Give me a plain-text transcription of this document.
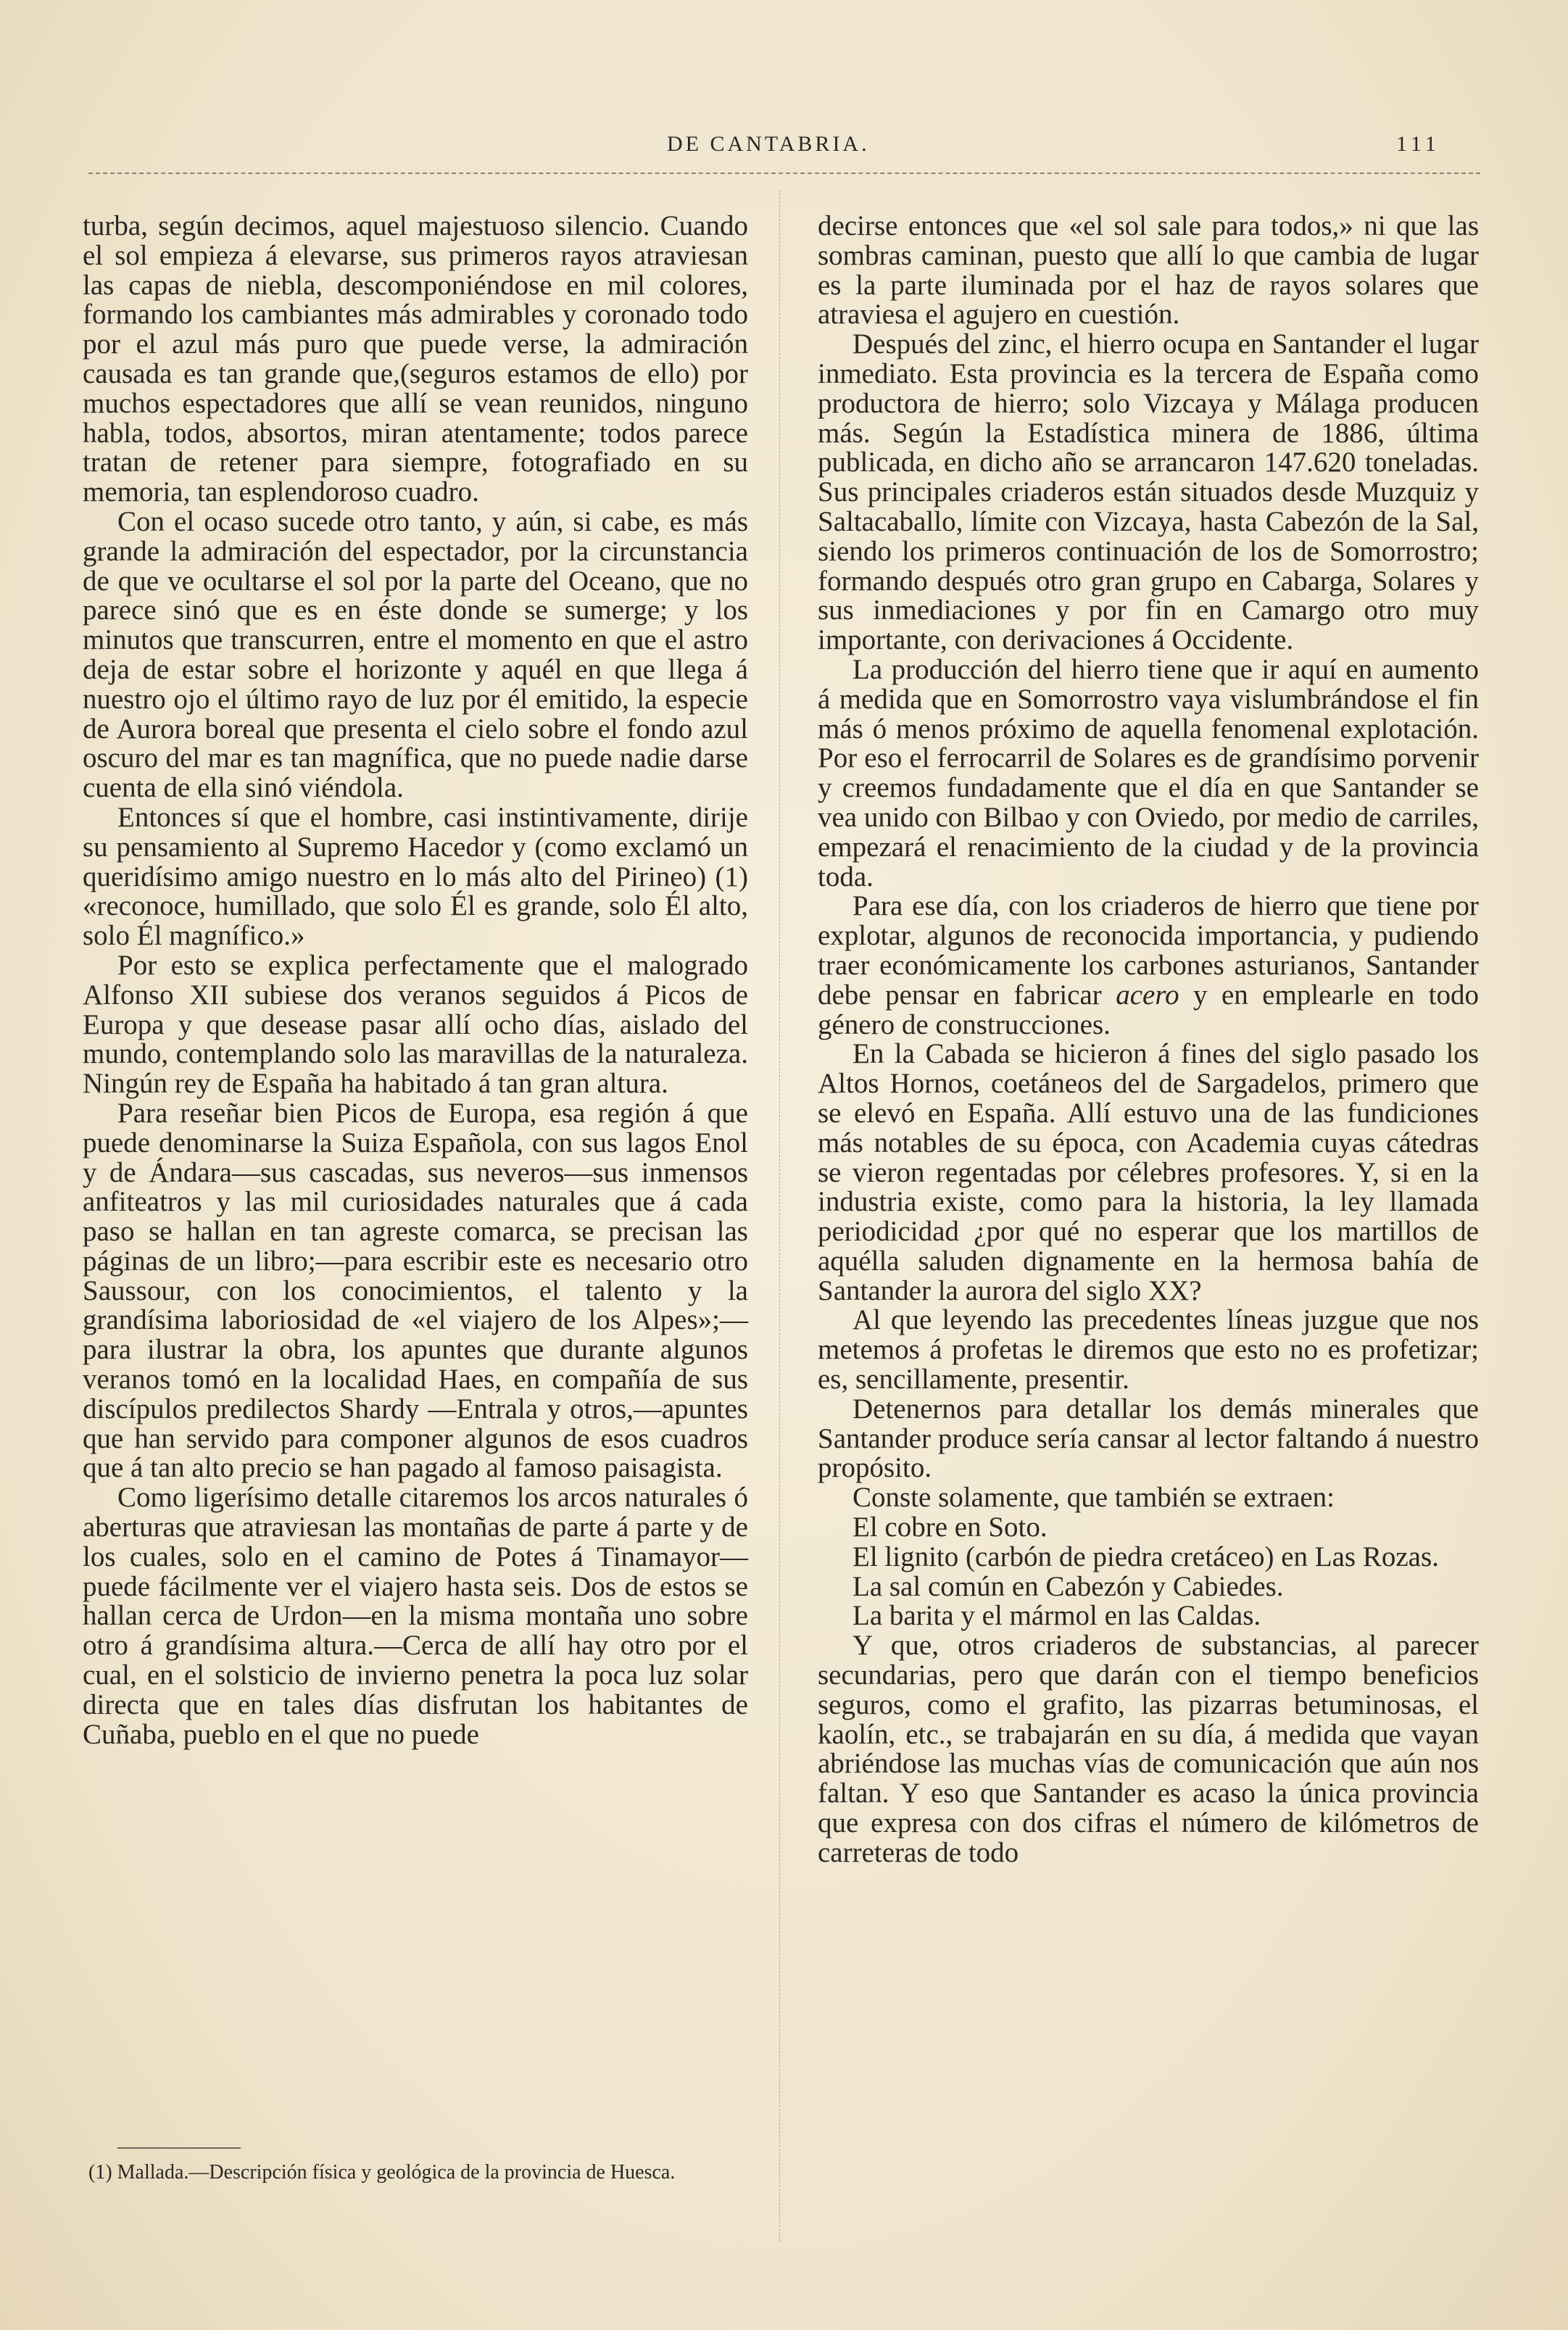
DE CANTABRIA.	111

turba, según decimos, aquel majestuoso silencio. Cuando el sol empieza á elevarse, sus primeros rayos atraviesan las capas de niebla, descomponiéndose en mil colores, formando los cambiantes más admirables y coronado todo por el azul más puro que puede verse, la admiración causada es tan grande que,(seguros estamos de ello) por muchos espectadores que allí se vean reunidos, ninguno habla, todos, absortos, miran atentamente; todos parece tratan de retener para siempre, fotografiado en su memoria, tan esplendoroso cuadro.

Con el ocaso sucede otro tanto, y aún, si cabe, es más grande la admiración del espectador, por la circunstancia de que ve ocultarse el sol por la parte del Oceano, que no parece sinó que es en éste donde se sumerge; y los minutos que transcurren, entre el momento en que el astro deja de estar sobre el horizonte y aquél en que llega á nuestro ojo el último rayo de luz por él emitido, la especie de Aurora boreal que presenta el cielo sobre el fondo azul oscuro del mar es tan magnífica, que no puede nadie darse cuenta de ella sinó viéndola.

Entonces sí que el hombre, casi instintivamente, dirije su pensamiento al Supremo Hacedor y (como exclamó un queridísimo amigo nuestro en lo más alto del Pirineo) (1) «reconoce, humillado, que solo Él es grande, solo Él alto, solo Él magnífico.»

Por esto se explica perfectamente que el malogrado Alfonso XII subiese dos veranos seguidos á Picos de Europa y que desease pasar allí ocho días, aislado del mundo, contemplando solo las maravillas de la naturaleza. Ningún rey de España ha habitado á tan gran altura.

Para reseñar bien Picos de Europa, esa región á que puede denominarse la Suiza Española, con sus lagos Enol y de Ándara—sus cascadas, sus neveros—sus inmensos anfiteatros y las mil curiosidades naturales que á cada paso se hallan en tan agreste comarca, se precisan las páginas de un libro;—para escribir este es necesario otro Saussour, con los conocimientos, el talento y la grandísima laboriosidad de «el viajero de los Alpes»;—para ilustrar la obra, los apuntes que durante algunos veranos tomó en la localidad Haes, en compañía de sus discípulos predilectos Shardy —Entrala y otros,—apuntes que han servido para componer algunos de esos cuadros que á tan alto precio se han pagado al famoso paisagista.

Como ligerísimo detalle citaremos los arcos naturales ó aberturas que atraviesan las montañas de parte á parte y de los cuales, solo en el camino de Potes á Tinamayor—puede fácilmente ver el viajero hasta seis. Dos de estos se hallan cerca de Urdon—en la misma montaña uno sobre otro á grandísima altura.—Cerca de allí hay otro por el cual, en el solsticio de invierno penetra la poca luz solar directa que en tales días disfrutan los habitantes de Cuñaba, pueblo en el que no puede

(1) Mallada.—Descripción física y geológica de la provincia de Huesca.

decirse entonces que «el sol sale para todos,» ni que las sombras caminan, puesto que allí lo que cambia de lugar es la parte iluminada por el haz de rayos solares que atraviesa el agujero en cuestión.

Después del zinc, el hierro ocupa en Santander el lugar inmediato. Esta provincia es la tercera de España como productora de hierro; solo Vizcaya y Málaga producen más. Según la Estadística minera de 1886, última publicada, en dicho año se arrancaron 147.620 toneladas. Sus principales criaderos están situados desde Muzquiz y Saltacaballo, límite con Vizcaya, hasta Cabezón de la Sal, siendo los primeros continuación de los de Somorrostro; formando después otro gran grupo en Cabarga, Solares y sus inmediaciones y por fin en Camargo otro muy importante, con derivaciones á Occidente.

La producción del hierro tiene que ir aquí en aumento á medida que en Somorrostro vaya vislumbrándose el fin más ó menos próximo de aquella fenomenal explotación. Por eso el ferrocarril de Solares es de grandísimo porvenir y creemos fundadamente que el día en que Santander se vea unido con Bilbao y con Oviedo, por medio de carriles, empezará el renacimiento de la ciudad y de la provincia toda.

Para ese día, con los criaderos de hierro que tiene por explotar, algunos de reconocida importancia, y pudiendo traer económicamente los carbones asturianos, Santander debe pensar en fabricar acero y en emplearle en todo género de construcciones.

En la Cabada se hicieron á fines del siglo pasado los Altos Hornos, coetáneos del de Sargadelos, primero que se elevó en España. Allí estuvo una de las fundiciones más notables de su época, con Academia cuyas cátedras se vieron regentadas por célebres profesores. Y, si en la industria existe, como para la historia, la ley llamada periodicidad ¿por qué no esperar que los martillos de aquélla saluden dignamente en la hermosa bahía de Santander la aurora del siglo XX?

Al que leyendo las precedentes líneas juzgue que nos metemos á profetas le diremos que esto no es profetizar; es, sencillamente, presentir.

Detenernos para detallar los demás minerales que Santander produce sería cansar al lector faltando á nuestro propósito.

Conste solamente, que también se extraen:

El cobre en Soto.

El lignito (carbón de piedra cretáceo) en Las Rozas.

La sal común en Cabezón y Cabiedes.

La barita y el mármol en las Caldas.

Y que, otros criaderos de substancias, al parecer secundarias, pero que darán con el tiempo beneficios seguros, como el grafito, las pizarras betuminosas, el kaolín, etc., se trabajarán en su día, á medida que vayan abriéndose las muchas vías de comunicación que aún nos faltan. Y eso que Santander es acaso la única provincia que expresa con dos cifras el número de kilómetros de carreteras de todo
